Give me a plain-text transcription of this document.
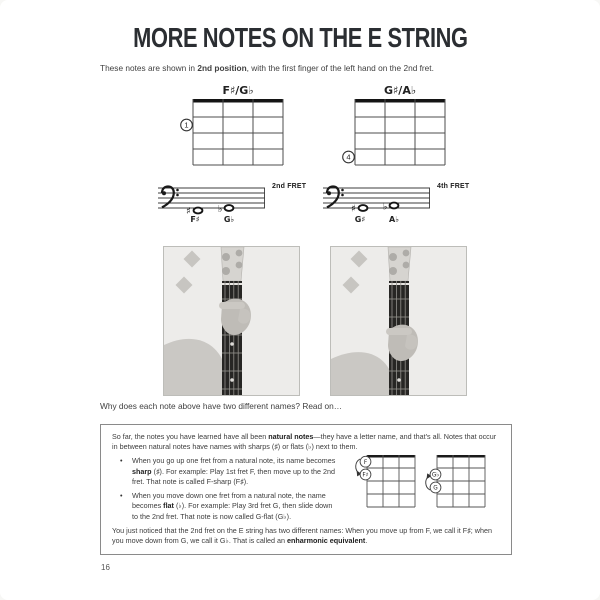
MORE NOTES ON THE E STRING
These notes are shown in 2nd position, with the first finger of the left hand on the 2nd fret.
F♯/G♭
1
G♯/A♭
4
♯	♭
2nd FRET
F♯	G♭
♯	♭
4th FRET
G♯	A♭
Why does each note above have two different names? Read on…

So far, the notes you have learned have all been natural notes—they have a letter name, and that's all. Notes that occur in between natural notes have names with sharps (♯) or flats (♭) next to them.

• When you go up one fret from a natural note, its name becomes sharp (♯). For example: Play 1st fret F, then move up to the 2nd fret. That note is called F-sharp (F♯).
• When you move down one fret from a natural note, the name becomes flat (♭). For example: Play 3rd fret G, then slide down to the 2nd fret. That note is now called G-flat (G♭).
F
F♯	G♭
G

You just noticed that the 2nd fret on the E string has two different names: When you move up from F, we call it F♯; when you move down from G, we call it G♭. That is called an enharmonic equivalent.

16
